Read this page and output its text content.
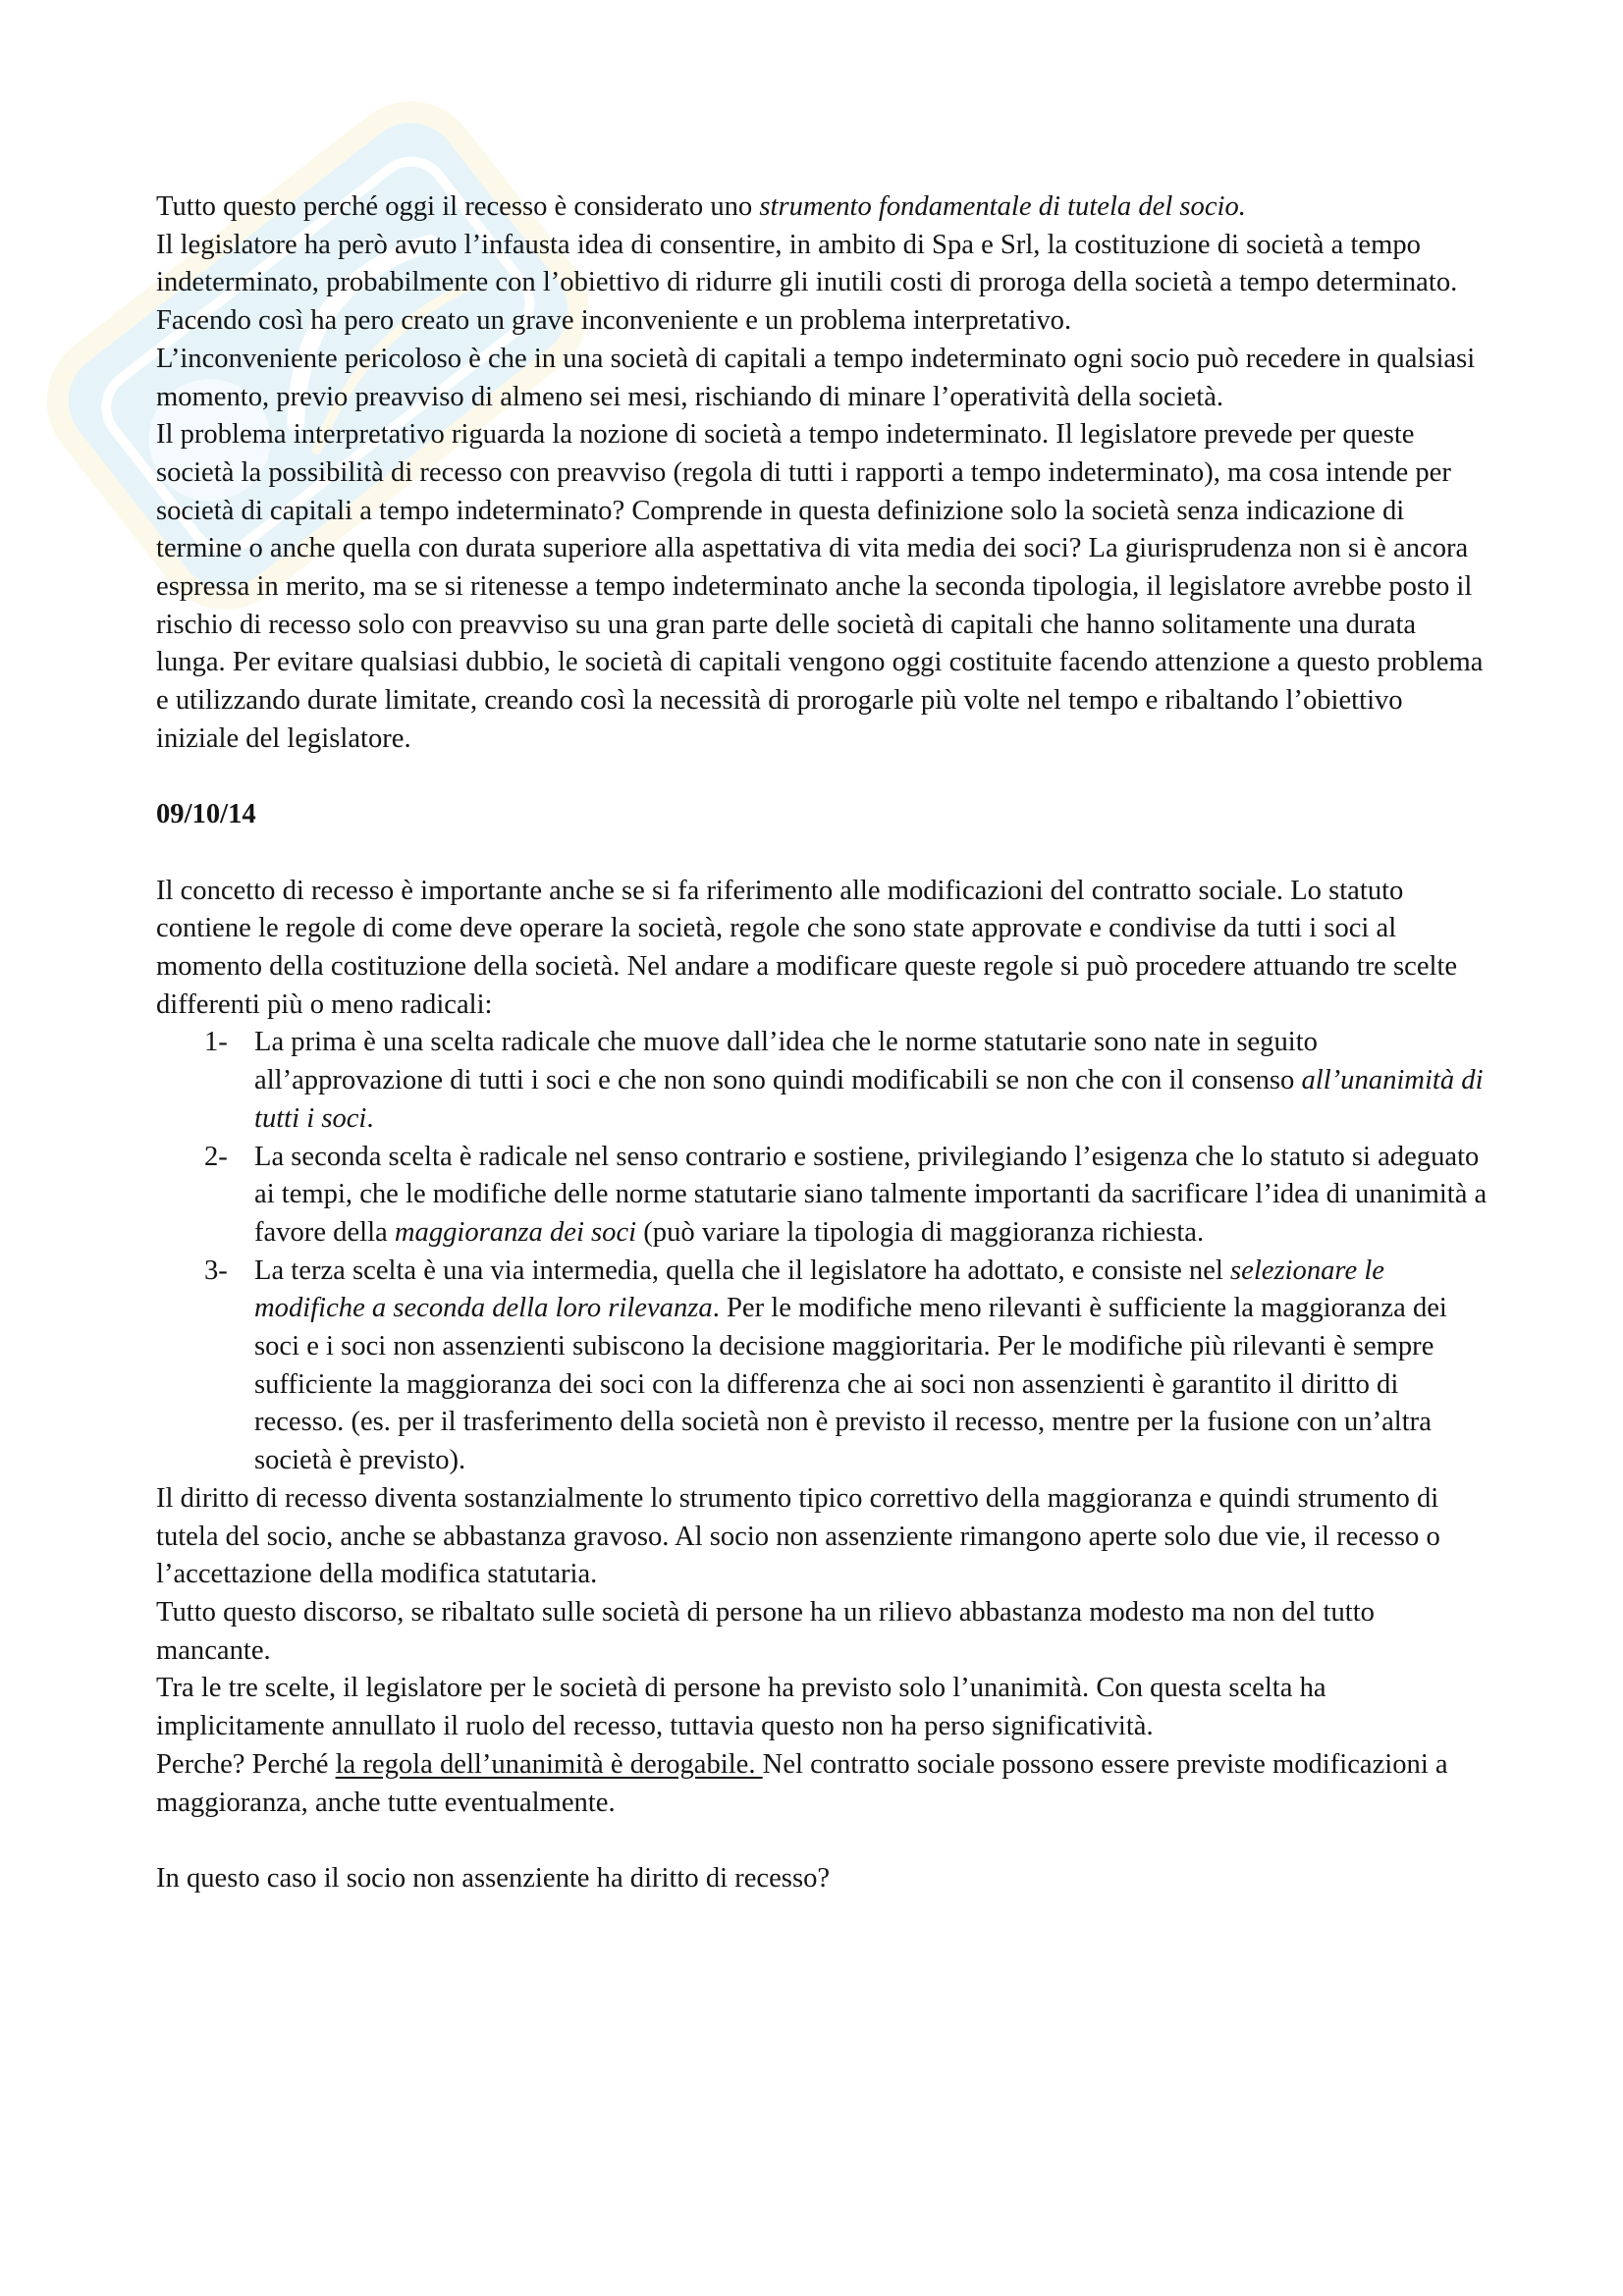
Tutto questo perché oggi il recesso è considerato uno strumento fondamentale di tutela del socio.

Il legislatore ha però avuto l’infausta idea di consentire, in ambito di Spa e Srl, la costituzione di società a tempo indeterminato, probabilmente con l’obiettivo di ridurre gli inutili costi di proroga della società a tempo determinato.

Facendo così ha pero creato un grave inconveniente e un problema interpretativo.

L’inconveniente pericoloso è che in una società di capitali a tempo indeterminato ogni socio può recedere in qualsiasi momento, previo preavviso di almeno sei mesi, rischiando di minare l’operatività della società.

Il problema interpretativo riguarda la nozione di società a tempo indeterminato. Il legislatore prevede per queste società la possibilità di recesso con preavviso (regola di tutti i rapporti a tempo indeterminato), ma cosa intende per società di capitali a tempo indeterminato? Comprende in questa definizione solo la società senza indicazione di termine o anche quella con durata superiore alla aspettativa di vita media dei soci? La giurisprudenza non si è ancora espressa in merito, ma se si ritenesse a tempo indeterminato anche la seconda tipologia, il legislatore avrebbe posto il rischio di recesso solo con preavviso su una gran parte delle società di capitali che hanno solitamente una durata lunga. Per evitare qualsiasi dubbio, le società di capitali vengono oggi costituite facendo attenzione a questo problema e utilizzando durate limitate, creando così la necessità di prorogarle più volte nel tempo e ribaltando l’obiettivo iniziale del legislatore.

09/10/14

Il concetto di recesso è importante anche se si fa riferimento alle modificazioni del contratto sociale. Lo statuto contiene le regole di come deve operare la società, regole che sono state approvate e condivise da tutti i soci al momento della costituzione della società. Nel andare a modificare queste regole si può procedere attuando tre scelte differenti più o meno radicali:

1- La prima è una scelta radicale che muove dall’idea che le norme statutarie sono nate in seguito all’approvazione di tutti i soci e che non sono quindi modificabili se non che con il consenso all’unanimità di tutti i soci.
2- La seconda scelta è radicale nel senso contrario e sostiene, privilegiando l’esigenza che lo statuto si adeguato ai tempi, che le modifiche delle norme statutarie siano talmente importanti da sacrificare l’idea di unanimità a favore della maggioranza dei soci (può variare la tipologia di maggioranza richiesta.
3- La terza scelta è una via intermedia, quella che il legislatore ha adottato, e consiste nel selezionare le modifiche a seconda della loro rilevanza. Per le modifiche meno rilevanti è sufficiente la maggioranza dei soci e i soci non assenzienti subiscono la decisione maggioritaria. Per le modifiche più rilevanti è sempre sufficiente la maggioranza dei soci con la differenza che ai soci non assenzienti è garantito il diritto di recesso. (es. per il trasferimento della società non è previsto il recesso, mentre per la fusione con un’altra società è previsto).

Il diritto di recesso diventa sostanzialmente lo strumento tipico correttivo della maggioranza e quindi strumento di tutela del socio, anche se abbastanza gravoso. Al socio non assenziente rimangono aperte solo due vie, il recesso o l’accettazione della modifica statutaria.

Tutto questo discorso, se ribaltato sulle società di persone ha un rilievo abbastanza modesto ma non del tutto mancante.

Tra le tre scelte, il legislatore per le società di persone ha previsto solo l’unanimità. Con questa scelta ha implicitamente annullato il ruolo del recesso, tuttavia questo non ha perso significatività.

Perche? Perché la regola dell’unanimità è derogabile. Nel contratto sociale possono essere previste modificazioni a maggioranza, anche tutte eventualmente.

In questo caso il socio non assenziente ha diritto di recesso?
